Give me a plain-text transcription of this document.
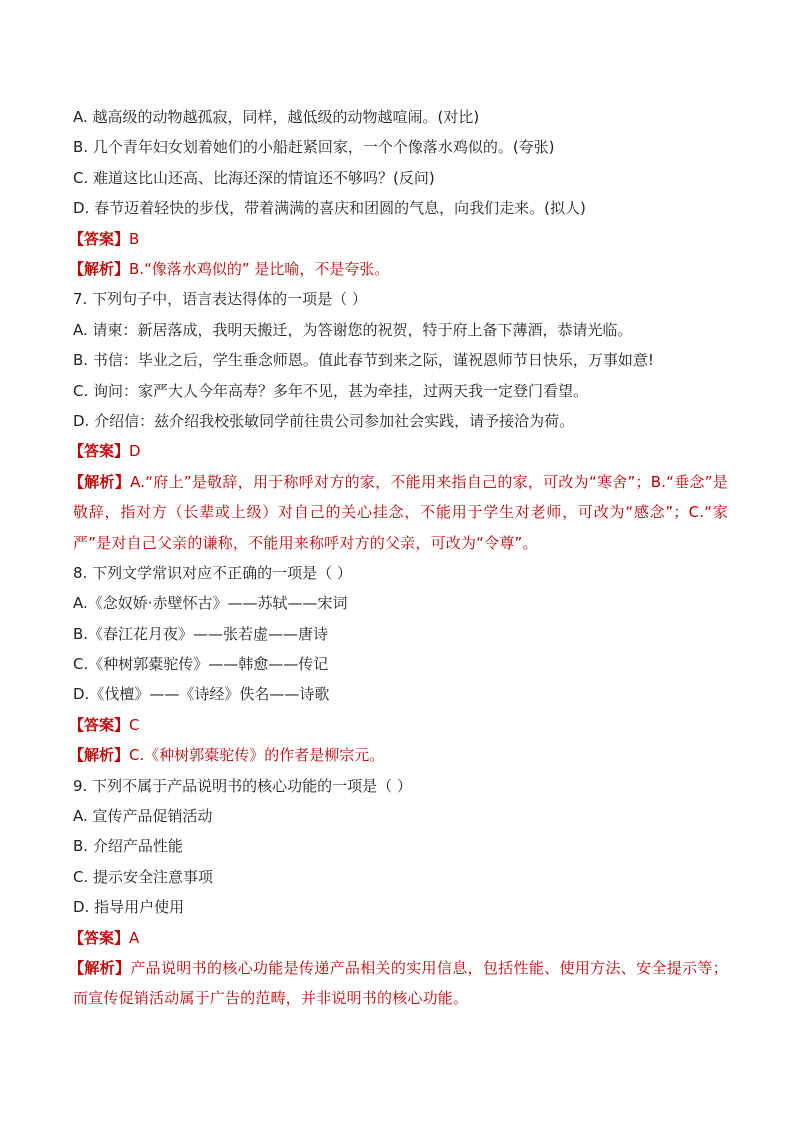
A. 越高级的动物越孤寂，同样，越低级的动物越喧闹。(对比)

B. 几个青年妇女划着她们的小船赶紧回家，一个个像落水鸡似的。(夸张)

C. 难道这比山还高、比海还深的情谊还不够吗？(反问)

D. 春节迈着轻快的步伐，带着满满的喜庆和团圆的气息，向我们走来。(拟人)

【答案】B

【解析】B.“像落水鸡似的” 是比喻，不是夸张。

7. 下列句子中，语言表达得体的一项是（ ）

A. 请柬：新居落成，我明天搬迁，为答谢您的祝贺，特于府上备下薄酒，恭请光临。

B. 书信：毕业之后，学生垂念师恩。值此春节到来之际，谨祝恩师节日快乐，万事如意!

C. 询问：家严大人今年高寿？多年不见，甚为牵挂，过两天我一定登门看望。

D. 介绍信：兹介绍我校张敏同学前往贵公司参加社会实践，请予接洽为荷。

【答案】D

【解析】A.“府上”是敬辞，用于称呼对方的家，不能用来指自己的家，可改为“寒舍”；B.“垂念”是敬辞，指对方（长辈或上级）对自己的关心挂念，不能用于学生对老师，可改为“感念”；C.“家严”是对自己父亲的谦称，不能用来称呼对方的父亲，可改为“令尊”。

8. 下列文学常识对应不正确的一项是（ ）

A.《念奴娇·赤壁怀古》——苏轼——宋词

B.《春江花月夜》——张若虚——唐诗

C.《种树郭橐驼传》——韩愈——传记

D.《伐檀》——《诗经》佚名——诗歌

【答案】C

【解析】C.《种树郭橐驼传》的作者是柳宗元。

9. 下列不属于产品说明书的核心功能的一项是（ ）

A. 宣传产品促销活动

B. 介绍产品性能

C. 提示安全注意事项

D. 指导用户使用

【答案】A

【解析】产品说明书的核心功能是传递产品相关的实用信息，包括性能、使用方法、安全提示等；而宣传促销活动属于广告的范畴，并非说明书的核心功能。
